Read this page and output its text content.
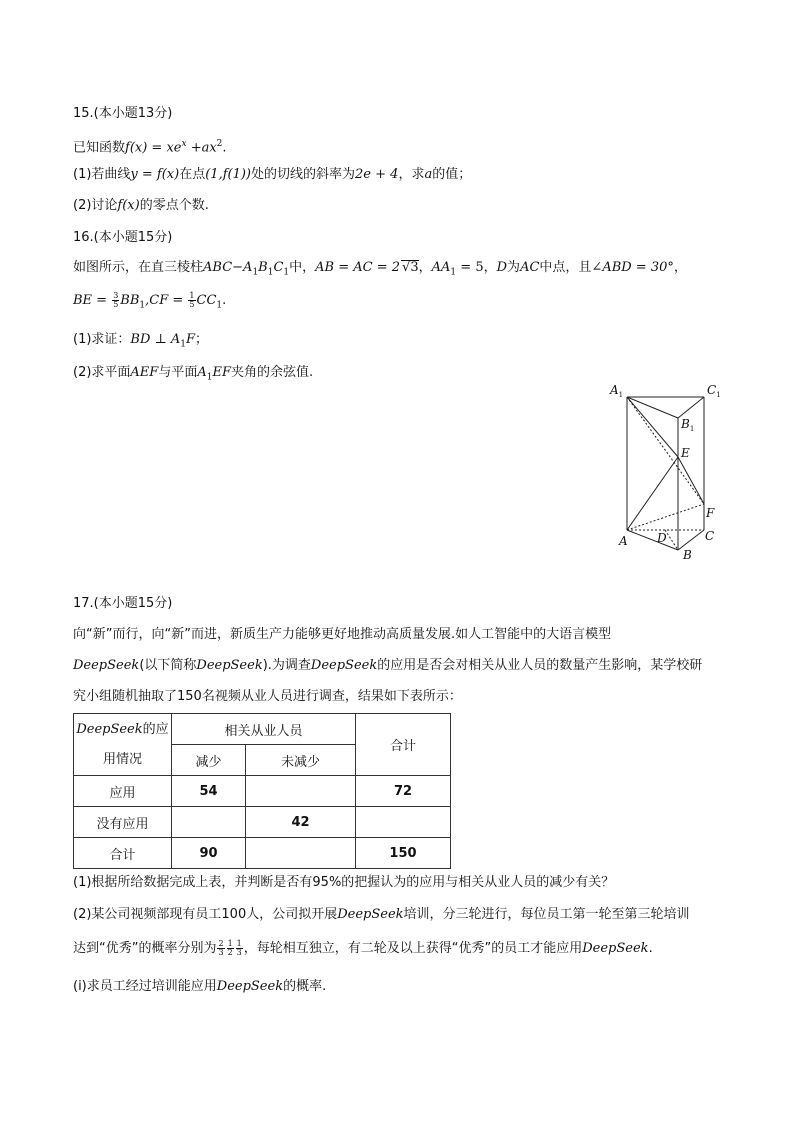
15.(本小题13分)
已知函数$f(x) = xe^x +ax^2$.
(1)若曲线y = f(x)在点(1,f(1))处的切线的斜率为2e + 4，求a的值；
(2)讨论f(x)的零点个数.
16.(本小题15分)
如图所示，在直三棱柱$ABC-A_1B_1C_1$中，AB = AC = 2 √3，$AA_1 = 5$，D为AC中点，且∠ABD = 30°，
BE = $\frac{3}{5} BB_1,CF = \frac{1}{5} CC_1$.
(1)求证：BD ⊥ $A_1F$；
(2)求平面AEF与平面$A_1EF$夹角的余弦值.
$A_1$	$C_1$
$B_1$
E
F
A D	C
B
17.(本小题15分)
向“新”而行，向“新”而进，新质生产力能够更好地推动高质量发展.如人工智能中的大语言模型
DeepSeek(以下简称DeepSeek).为调查DeepSeek的应用是否会对相关从业人员的数量产生影响，某学校研
究小组随机抽取了150名视频从业人员进行调查，结果如下表所示：
DeepSeek的应
用情况	相关从业人员		合计
	减少	未减少	
应用	54		72
没有应用		42	
合计	90		150
(1)根据所给数据完成上表，并判断是否有95%的把握认为的应用与相关从业人员的减少有关？
(2)某公司视频部现有员工100人，公司拟开展DeepSeek培训，分三轮进行，每位员工第一轮至第三轮培训
达到“优秀”的概率分别为 $\frac{2}{3} \frac{1}{2} \frac{1}{3}$ ，每轮相互独立，有二轮及以上获得“优秀”的员工才能应用DeepSeek.
(ⅰ)求员工经过培训能应用DeepSeek的概率.
